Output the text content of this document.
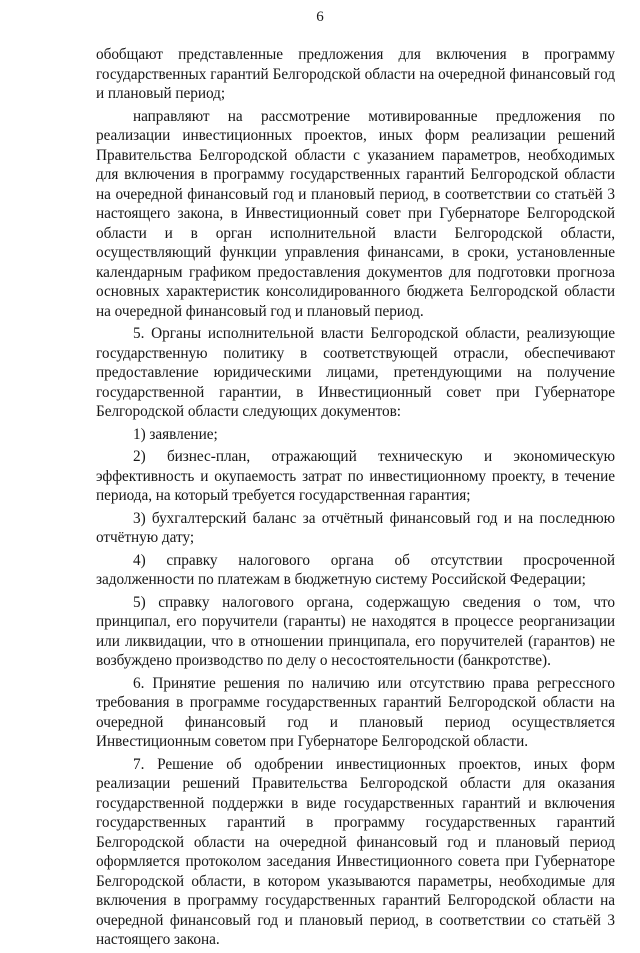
6

обобщают представленные предложения для включения в программу государственных гарантий Белгородской области на очередной финансовый год и плановый период;

направляют на рассмотрение мотивированные предложения по реализации инвестиционных проектов, иных форм реализации решений Правительства Белгородской области с указанием параметров, необходимых для включения в программу государственных гарантий Белгородской области на очередной финансовый год и плановый период, в соответствии со статьёй 3 настоящего закона, в Инвестиционный совет при Губернаторе Белгородской области и в орган исполнительной власти Белгородской области, осуществляющий функции управления финансами, в сроки, установленные календарным графиком предоставления документов для подготовки прогноза основных характеристик консолидированного бюджета Белгородской области на очередной финансовый год и плановый период.

5. Органы исполнительной власти Белгородской области, реализующие государственную политику в соответствующей отрасли, обеспечивают предоставление юридическими лицами, претендующими на получение государственной гарантии, в Инвестиционный совет при Губернаторе Белгородской области следующих документов:

1) заявление;

2) бизнес-план, отражающий техническую и экономическую эффективность и окупаемость затрат по инвестиционному проекту, в течение периода, на который требуется государственная гарантия;

3) бухгалтерский баланс за отчётный финансовый год и на последнюю отчётную дату;

4) справку налогового органа об отсутствии просроченной задолженности по платежам в бюджетную систему Российской Федерации;

5) справку налогового органа, содержащую сведения о том, что принципал, его поручители (гаранты) не находятся в процессе реорганизации или ликвидации, что в отношении принципала, его поручителей (гарантов) не возбуждено производство по делу о несостоятельности (банкротстве).

6. Принятие решения по наличию или отсутствию права регрессного требования в программе государственных гарантий Белгородской области на очередной финансовый год и плановый период осуществляется Инвестиционным советом при Губернаторе Белгородской области.

7. Решение об одобрении инвестиционных проектов, иных форм реализации решений Правительства Белгородской области для оказания государственной поддержки в виде государственных гарантий и включения государственных гарантий в программу государственных гарантий Белгородской области на очередной финансовый год и плановый период оформляется протоколом заседания Инвестиционного совета при Губернаторе Белгородской области, в котором указываются параметры, необходимые для включения в программу государственных гарантий Белгородской области на очередной финансовый год и плановый период, в соответствии со статьёй 3 настоящего закона.
